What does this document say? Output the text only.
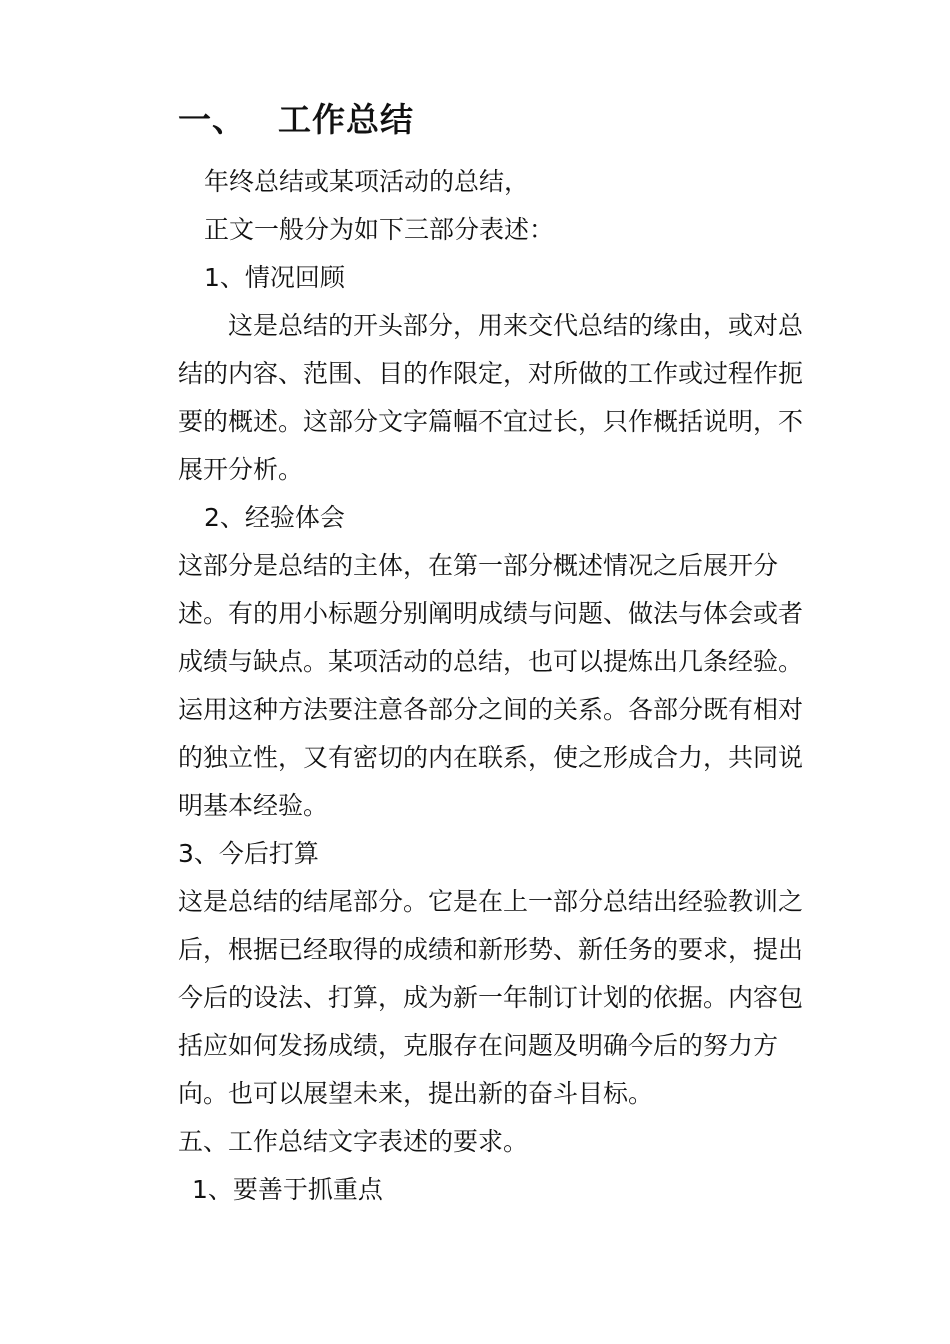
一、 工作总结

年终总结或某项活动的总结，

正文一般分为如下三部分表述：

1、情况回顾

这是总结的开头部分，用来交代总结的缘由，或对总结的内容、范围、目的作限定，对所做的工作或过程作扼要的概述。这部分文字篇幅不宜过长，只作概括说明，不展开分析。

2、经验体会

这部分是总结的主体，在第一部分概述情况之后展开分述。有的用小标题分别阐明成绩与问题、做法与体会或者成绩与缺点。某项活动的总结，也可以提炼出几条经验。运用这种方法要注意各部分之间的关系。各部分既有相对的独立性，又有密切的内在联系，使之形成合力，共同说明基本经验。

3、今后打算

这是总结的结尾部分。它是在上一部分总结出经验教训之后，根据已经取得的成绩和新形势、新任务的要求，提出今后的设法、打算，成为新一年制订计划的依据。内容包括应如何发扬成绩，克服存在问题及明确今后的努力方向。也可以展望未来，提出新的奋斗目标。

五、工作总结文字表述的要求。

1、要善于抓重点
